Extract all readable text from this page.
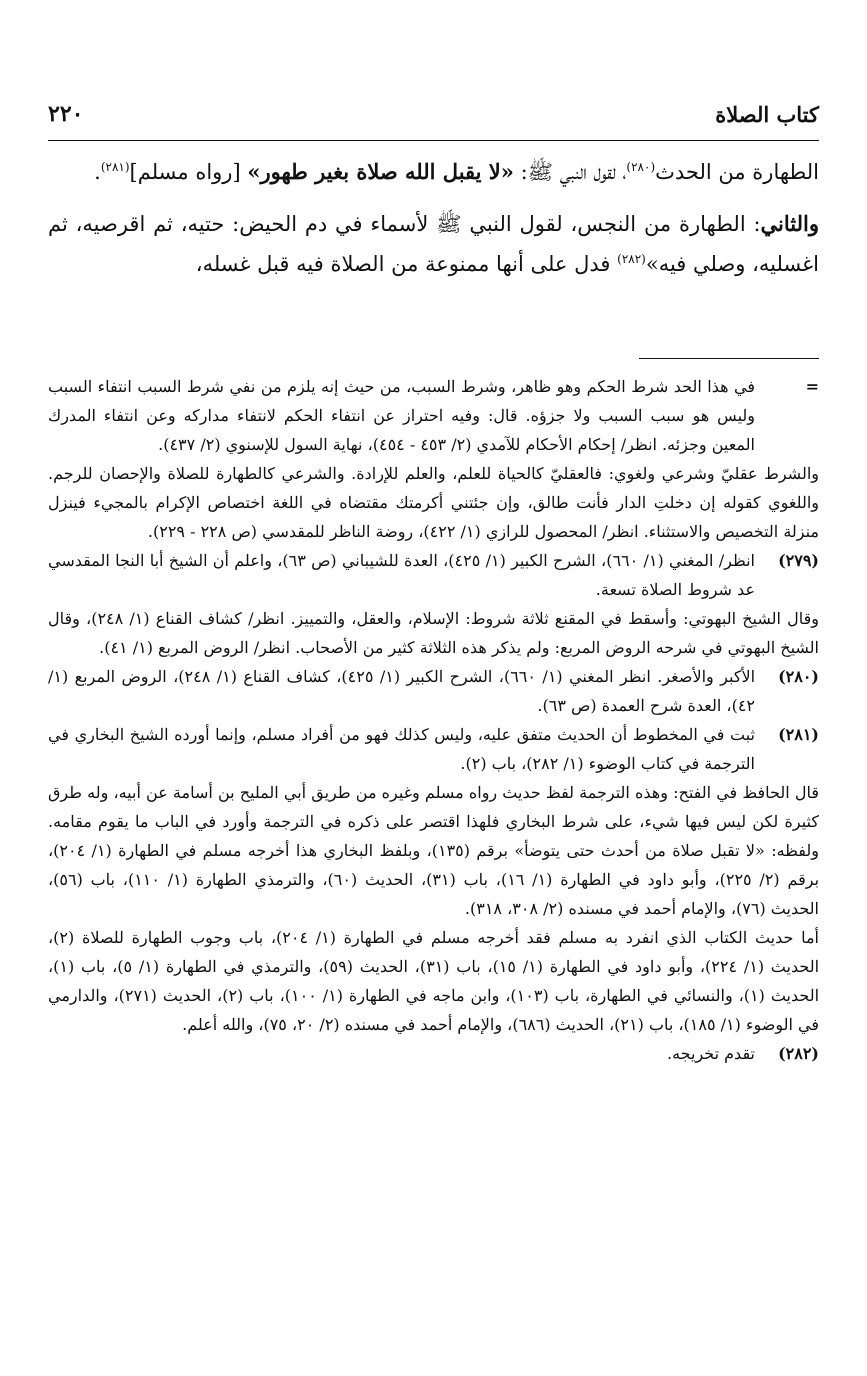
كتاب الصلاة
٢٢٠

الطهارة من الحدث$^{(٢٨٠)}$، لقول النبي ﷺ: «لا يقبل الله صلاة بغير طهور» [رواه مسلم]$^{(٢٨١)}$.

والثاني: الطهارة من النجس، لقول النبي ﷺ لأسماء في دم الحيض: حتيه، ثم اقرصيه، ثم اغسليه، وصلي فيه»$^{(٢٨٢)}$ فدل على أنها ممنوعة من الصلاة فيه قبل غسله،

=

في هذا الحد شرط الحكم وهو ظاهر، وشرط السبب، من حيث إنه يلزم من نفي شرط السبب انتفاء السبب وليس هو سبب السبب ولا جزؤه. قال: وفيه احتراز عن انتفاء الحكم لانتفاء مداركه وعن انتفاء المدرك المعين وجزئه. انظر/ إحكام الأحكام للآمدي (٢/ ٤٥٣ - ٤٥٤)، نهاية السول للإسنوي (٢/ ٤٣٧).

والشرط عقليّ وشرعي ولغوي: فالعقليّ كالحياة للعلم، والعلم للإرادة. والشرعي كالطهارة للصلاة والإحصان للرجم. واللغوي كقوله إن دخلتِ الدار فأنت طالق، وإن جئتني أكرمتك مقتضاه في اللغة اختصاص الإكرام بالمجيء فينزل منزلة التخصيص والاستثناء. انظر/ المحصول للرازي (١/ ٤٢٢)، روضة الناظر للمقدسي (ص ٢٢٨ - ٢٢٩).

(٢٧٩)

انظر/ المغني (١/ ٦٦٠)، الشرح الكبير (١/ ٤٢٥)، العدة للشيباني (ص ٦٣)، واعلم أن الشيخ أبا النجا المقدسي عد شروط الصلاة تسعة.

وقال الشيخ البهوتي: وأسقط في المقنع ثلاثة شروط: الإسلام، والعقل، والتمييز. انظر/ كشاف القناع (١/ ٢٤٨)، وقال الشيخ البهوتي في شرحه الروض المربع: ولم يذكر هذه الثلاثة كثير من الأصحاب. انظر/ الروض المربع (١/ ٤١).

(٢٨٠)

الأكبر والأصغر. انظر المغني (١/ ٦٦٠)، الشرح الكبير (١/ ٤٢٥)، كشاف القناع (١/ ٢٤٨)، الروض المربع (١/ ٤٢)، العدة شرح العمدة (ص ٦٣).

(٢٨١)

ثبت في المخطوط أن الحديث متفق عليه، وليس كذلك فهو من أفراد مسلم، وإنما أورده الشيخ البخاري في الترجمة في كتاب الوضوء (١/ ٢٨٢)، باب (٢).

قال الحافظ في الفتح: وهذه الترجمة لفظ حديث رواه مسلم وغيره من طريق أبي المليح بن أسامة عن أبيه، وله طرق كثيرة لكن ليس فيها شيء، على شرط البخاري فلهذا اقتصر على ذكره في الترجمة وأورد في الباب ما يقوم مقامه. ولفظه: «لا تقبل صلاة من أحدث حتى يتوضأ» برقم (١٣٥)، وبلفظ البخاري هذا أخرجه مسلم في الطهارة (١/ ٢٠٤)، برقم (٢/ ٢٢٥)، وأبو داود في الطهارة (١/ ١٦)، باب (٣١)، الحديث (٦٠)، والترمذي الطهارة (١/ ١١٠)، باب (٥٦)، الحديث (٧٦)، والإمام أحمد في مسنده (٢/ ٣٠٨، ٣١٨).

أما حديث الكتاب الذي انفرد به مسلم فقد أخرجه مسلم في الطهارة (١/ ٢٠٤)، باب وجوب الطهارة للصلاة (٢)، الحديث (١/ ٢٢٤)، وأبو داود في الطهارة (١/ ١٥)، باب (٣١)، الحديث (٥٩)، والترمذي في الطهارة (١/ ٥)، باب (١)، الحديث (١)، والنسائي في الطهارة، باب (١٠٣)، وابن ماجه في الطهارة (١/ ١٠٠)، باب (٢)، الحديث (٢٧١)، والدارمي في الوضوء (١/ ١٨٥)، باب (٢١)، الحديث (٦٨٦)، والإمام أحمد في مسنده (٢/ ٢٠، ٧٥)، والله أعلم.

(٢٨٢)

تقدم تخريجه.
